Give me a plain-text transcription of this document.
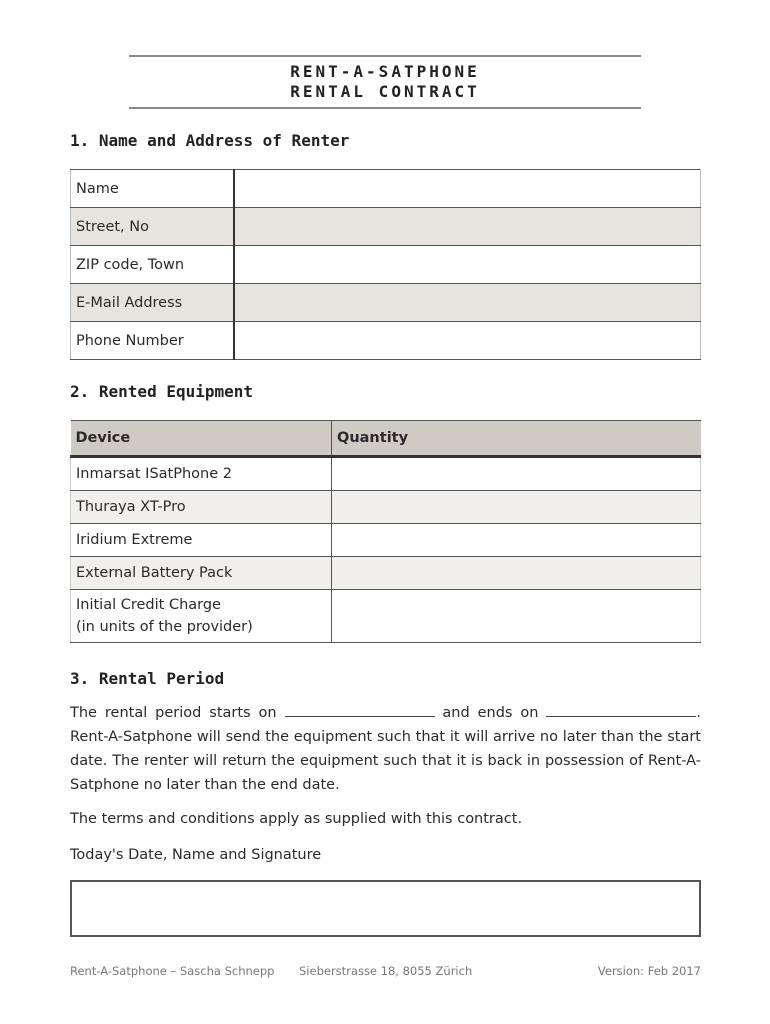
RENT-A-SATPHONE
RENTAL CONTRACT
1. Name and Address of Renter
Name	
Street, No	
ZIP code, Town	
E-Mail Address	
Phone Number	
2. Rented Equipment
Device	Quantity
Inmarsat ISatPhone 2	
Thuraya XT-Pro	
Iridium Extreme	
External Battery Pack	
Initial Credit Charge
(in units of the provider)	
3. Rental Period
The rental period starts on	and ends on	. Rent-A-Satphone will send the equipment such that it will arrive no later than the start date. The renter will return the equipment such that it is back in possession of Rent-A-Satphone no later than the end date.
The terms and conditions apply as supplied with this contract.
Today's Date, Name and Signature
Rent-A-Satphone – Sascha Schnepp Sieberstrasse 18, 8055 Zürich	Version: Feb 2017
